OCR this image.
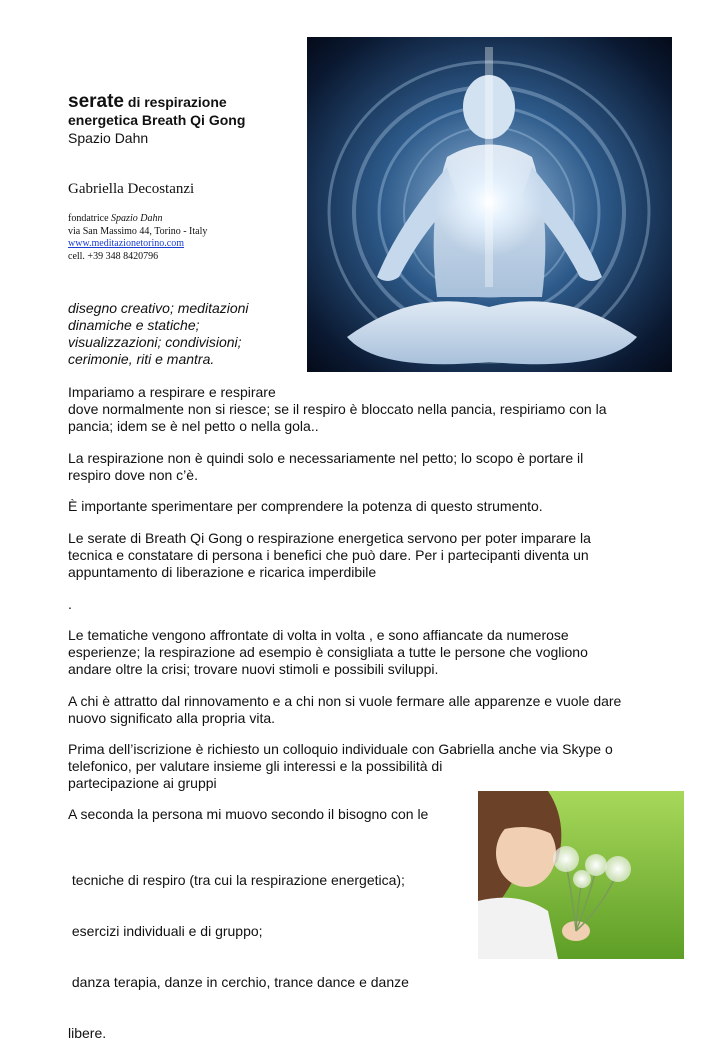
serate di respirazione
energetica Breath Qi Gong
Spazio Dahn
Gabriella Decostanzi
fondatrice Spazio Dahn
via San Massimo 44, Torino - Italy
www.meditazionetorino.com
cell. +39 348 8420796
disegno creativo; meditazioni
dinamiche e statiche;
visualizzazioni; condivisioni;
cerimonie, riti e mantra.
Impariamo a respirare e respirare
dove normalmente non si riesce; se il respiro è bloccato nella pancia, respiriamo con la
pancia; idem se è nel petto o nella gola..
La respirazione non è quindi solo e necessariamente nel petto; lo scopo è portare il
respiro dove non c’è.
È importante sperimentare per comprendere la potenza di questo strumento.
Le serate di Breath Qi Gong o respirazione energetica servono per poter imparare la
tecnica e constatare di persona i benefici che può dare. Per i partecipanti diventa un
appuntamento di liberazione e ricarica imperdibile
.
Le tematiche vengono affrontate di volta in volta , e sono affiancate da numerose
esperienze; la respirazione ad esempio è consigliata a tutte le persone che vogliono
andare oltre la crisi; trovare nuovi stimoli e possibili sviluppi.
A chi è attratto dal rinnovamento e a chi non si vuole fermare alle apparenze e vuole dare
nuovo significato alla propria vita.
Prima dell’iscrizione è richiesto un colloquio individuale con Gabriella anche via Skype o
telefonico, per valutare insieme gli interessi e la possibilità di
partecipazione ai gruppi
A seconda la persona mi muovo secondo il bisogno con le

tecniche di respiro (tra cui la respirazione energetica);

esercizi individuali e di gruppo;

danza terapia, danze in cerchio, trance dance e danze

libere.
